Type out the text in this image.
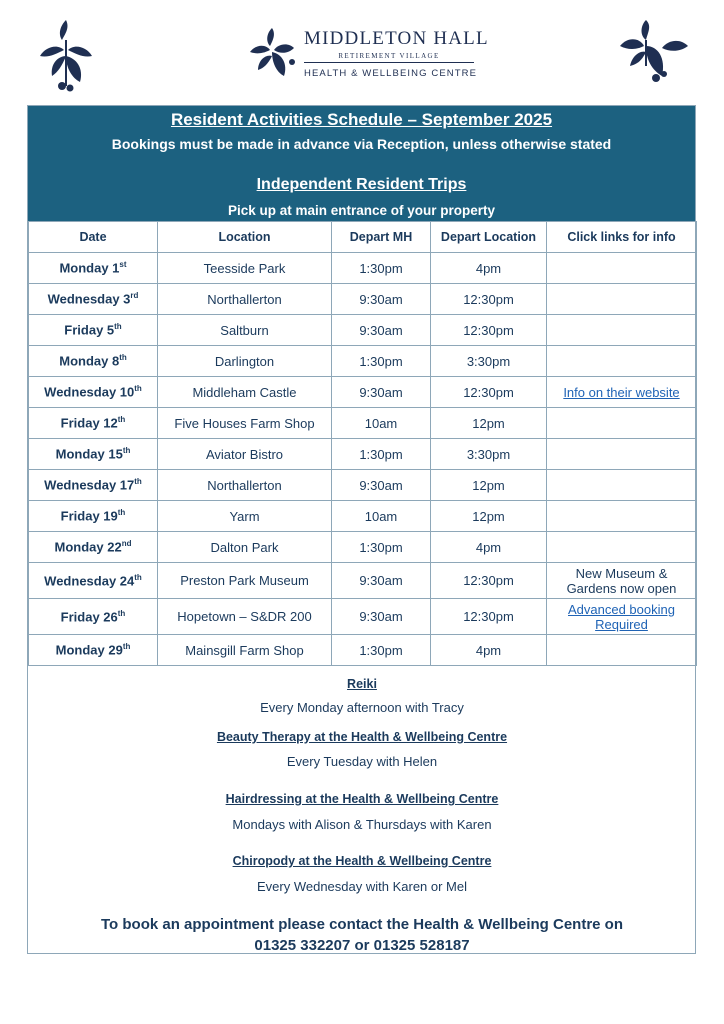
MIDDLETON HALL
RETIREMENT VILLAGE
HEALTH & WELLBEING CENTRE
Resident Activities Schedule – September 2025
Bookings must be made in advance via Reception, unless otherwise stated
Independent Resident Trips
Pick up at main entrance of your property
Date	Location	Depart MH	Depart Location	Click links for info
Monday 1st	Teesside Park	1:30pm	4pm	
Wednesday 3rd	Northallerton	9:30am	12:30pm	
Friday 5th	Saltburn	9:30am	12:30pm	
Monday 8th	Darlington	1:30pm	3:30pm	
Wednesday 10th	Middleham Castle	9:30am	12:30pm	Info on their website
Friday 12th	Five Houses Farm Shop	10am	12pm	
Monday 15th	Aviator Bistro	1:30pm	3:30pm	
Wednesday 17th	Northallerton	9:30am	12pm	
Friday 19th	Yarm	10am	12pm	
Monday 22nd	Dalton Park	1:30pm	4pm	
Wednesday 24th	Preston Park Museum	9:30am	12:30pm	New Museum & Gardens now open
Friday 26th	Hopetown – S&DR 200	9:30am	12:30pm	Advanced booking Required
Monday 29th	Mainsgill Farm Shop	1:30pm	4pm	
Reiki
Every Monday afternoon with Tracy
Beauty Therapy at the Health & Wellbeing Centre
Every Tuesday with Helen
Hairdressing at the Health & Wellbeing Centre
Mondays with Alison & Thursdays with Karen
Chiropody at the Health & Wellbeing Centre
Every Wednesday with Karen or Mel
To book an appointment please contact the Health & Wellbeing Centre on
01325 332207 or 01325 528187
